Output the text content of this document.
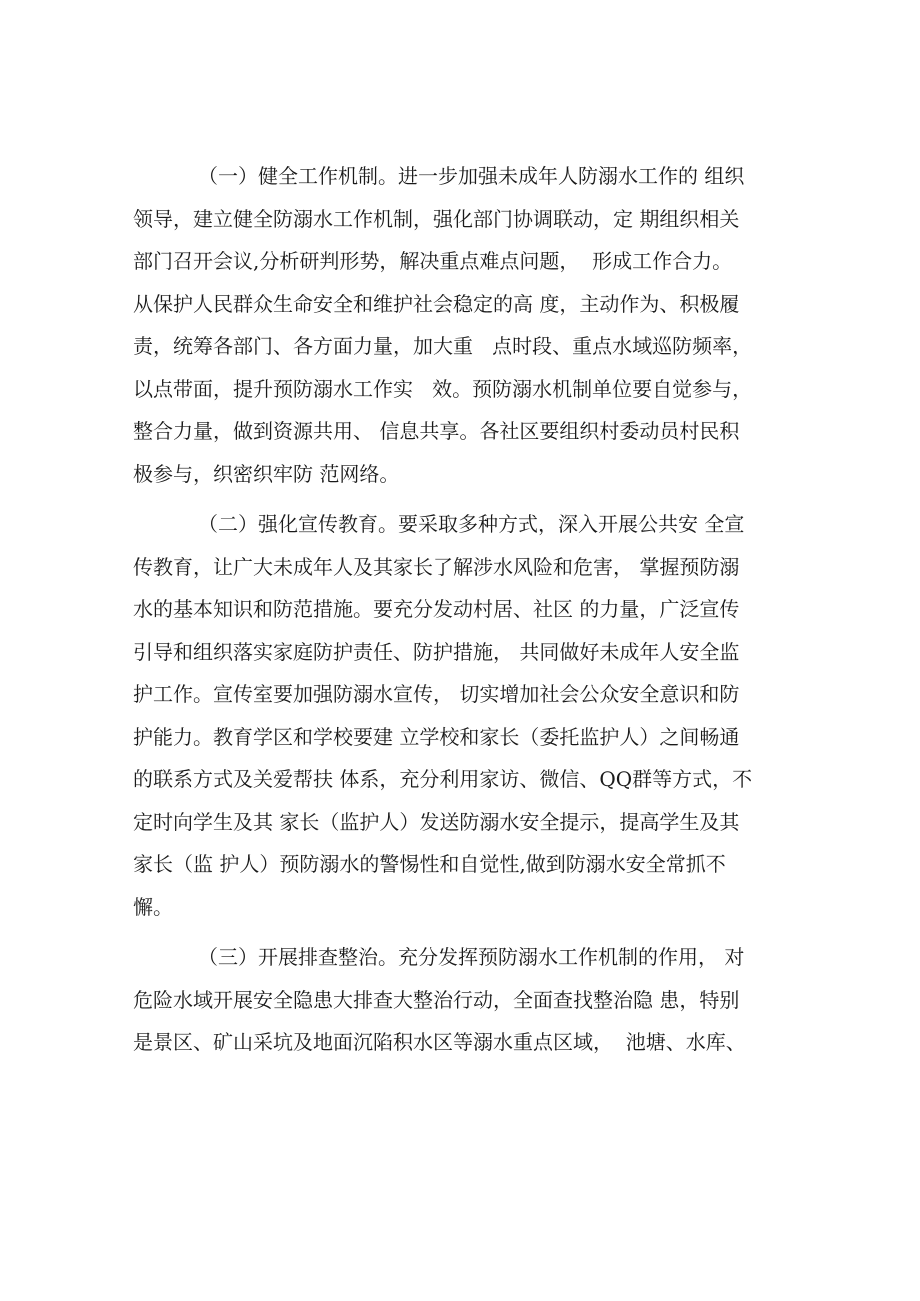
（一）健全工作机制。进一步加强未成年人防溺水工作的 组织
领导，建立健全防溺水工作机制，强化部门协调联动，定 期组织相关
部门召开会议,分析研判形势，解决重点难点问题，  形成工作合力。
从保护人民群众生命安全和维护社会稳定的高 度，主动作为、积极履
责，统筹各部门、各方面力量，加大重   点时段、重点水域巡防频率，
以点带面，提升预防溺水工作实   效。预防溺水机制单位要自觉参与，
整合力量，做到资源共用、 信息共享。各社区要组织村委动员村民积
极参与，织密织牢防 范网络。
（二）强化宣传教育。要采取多种方式，深入开展公共安 全宣
传教育，让广大未成年人及其家长了解涉水风险和危害， 掌握预防溺
水的基本知识和防范措施。要充分发动村居、社区 的力量，广泛宣传
引导和组织落实家庭防护责任、防护措施， 共同做好未成年人安全监
护工作。宣传室要加强防溺水宣传， 切实增加社会公众安全意识和防
护能力。教育学区和学校要建 立学校和家长（委托监护人）之间畅通
的联系方式及关爱帮扶 体系，充分利用家访、微信、QQ群等方式，不
定时向学生及其 家长（监护人）发送防溺水安全提示，提高学生及其
家长（监 护人）预防溺水的警惕性和自觉性,做到防溺水安全常抓不
懈。
（三）开展排查整治。充分发挥预防溺水工作机制的作用， 对
危险水域开展安全隐患大排查大整治行动，全面查找整治隐 患，特别
是景区、矿山采坑及地面沉陷积水区等溺水重点区域，  池塘、水库、
